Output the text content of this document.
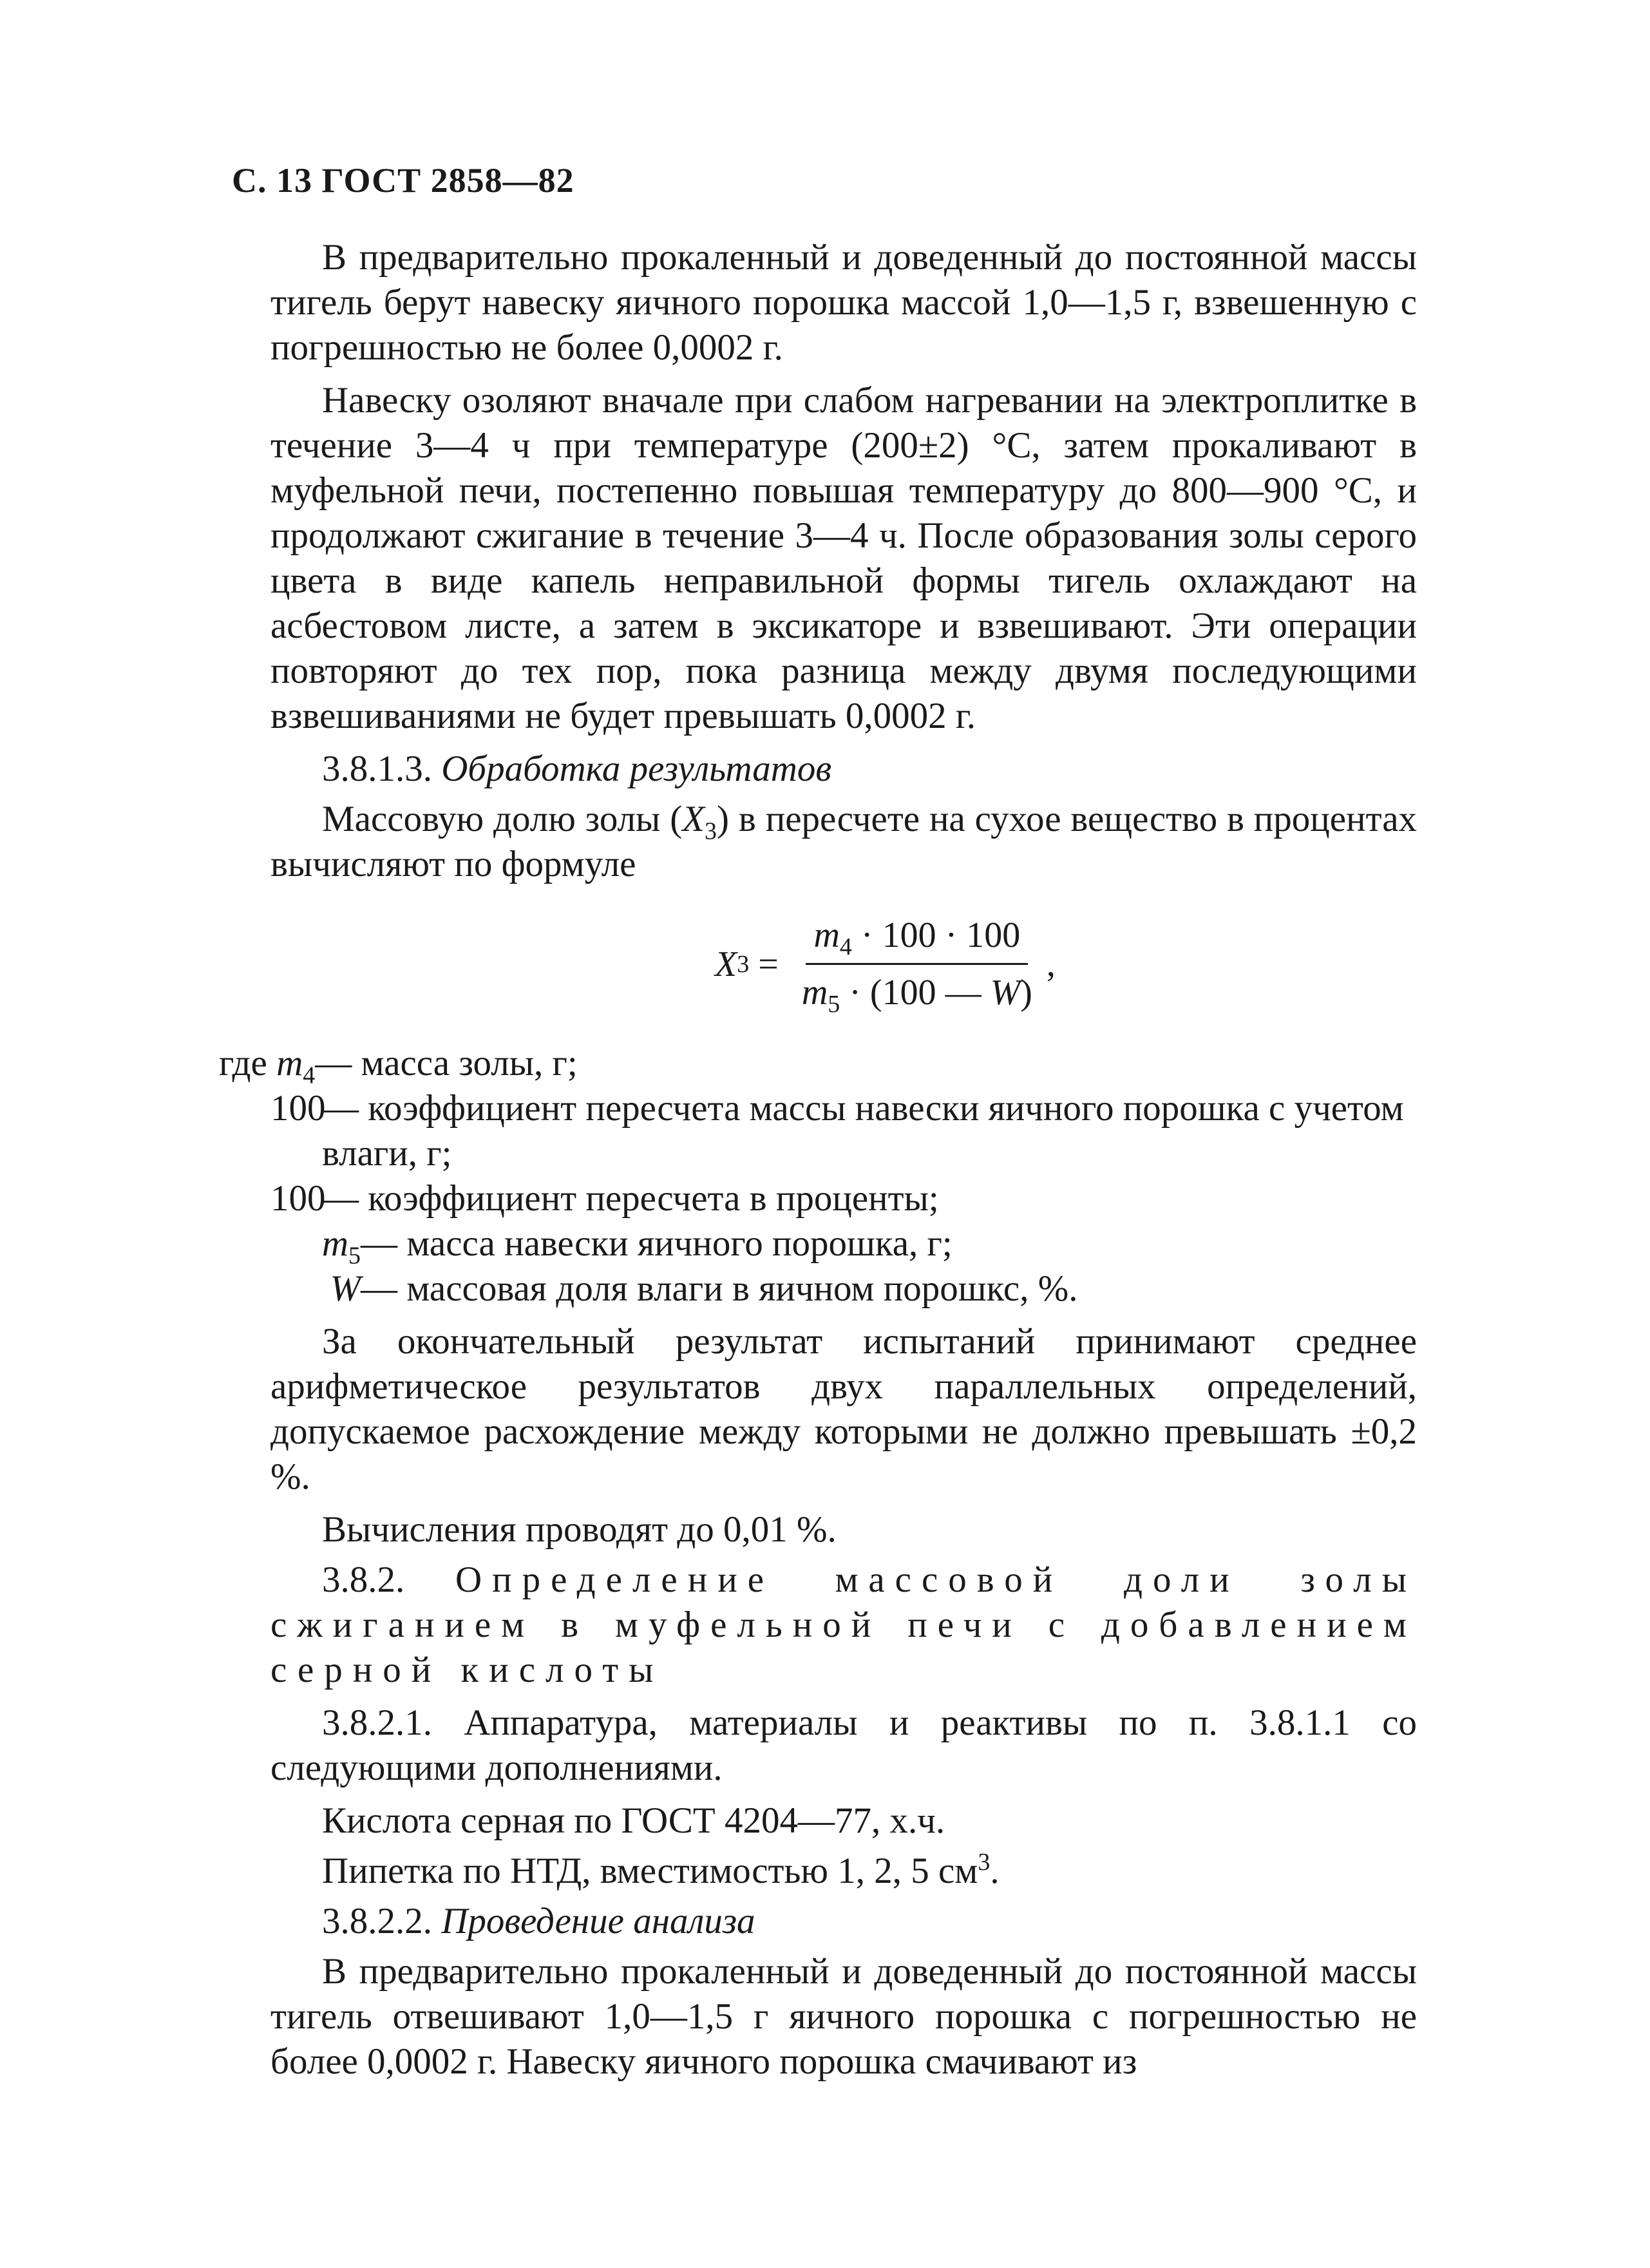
С. 13 ГОСТ 2858—82

В предварительно прокаленный и доведенный до постоянной массы тигель берут навеску яичного порошка массой 1,0—1,5 г, взвешенную с погрешностью не более 0,0002 г.

Навеску озоляют вначале при слабом нагревании на электроплитке в течение 3—4 ч при температуре (200±2) °С, затем прокаливают в муфельной печи, постепенно повышая температуру до 800—900 °С, и продолжают сжигание в течение 3—4 ч. После образования золы серого цвета в виде капель неправильной формы тигель охлаждают на асбестовом листе, а затем в эксикаторе и взвешивают. Эти операции повторяют до тех пор, пока разница между двумя последующими взвешиваниями не будет превышать 0,0002 г.

3.8.1.3. Обработка результатов

Массовую долю золы $(X_3)$ в пересчете на сухое вещество в процентах вычисляют по формуле

X $3 = \frac{m_4 \cdot 100 \cdot 100}{m_5 \cdot (100 — W)}$ ,
где $m_4$ — масса золы, г;
100
— коэффициент пересчета массы навески яичного порошка с учетом влаги, г;
100
— коэффициент пересчета в проценты;
$m_5$ — масса навески яичного порошка, г;
W — массовая доля влаги в яичном порошкс, %.

За окончательный результат испытаний принимают среднее арифметическое результатов двух параллельных определений, допускаемое расхождение между которыми не должно превышать ±0,2 %.

Вычисления проводят до 0,01 %.

3.8.2. Определение массовой доли золы сжиганием в муфельной печи с добавлением серной кислоты

3.8.2.1. Аппаратура, материалы и реактивы по п. 3.8.1.1 со следующими дополнениями.

Кислота серная по ГОСТ 4204—77, х.ч.

Пипетка по НТД, вместимостью 1, 2, 5 $см^3$.

3.8.2.2. Проведение анализа

В предварительно прокаленный и доведенный до постоянной массы тигель отвешивают 1,0—1,5 г яичного порошка с погрешностью не более 0,0002 г. Навеску яичного порошка смачивают из
